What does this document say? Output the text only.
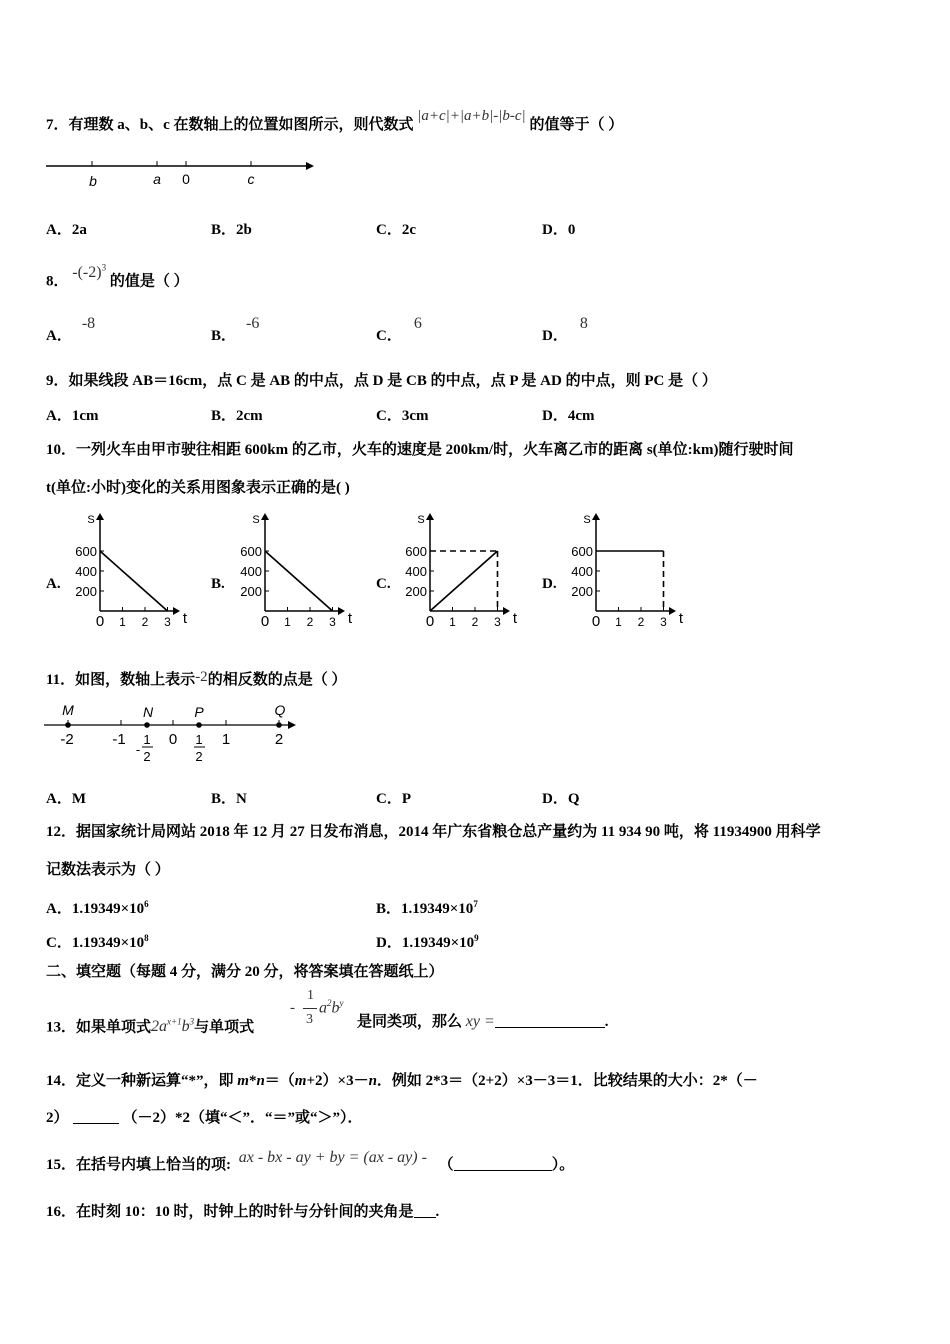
7．有理数 a、b、c 在数轴上的位置如图所示，则代数式 |a+c|+|a+b|-|b-c| 的值等于（ ）
b	a 0	c
A．2a	B．2b	C．2c	D．0
8． $-(-2)^3$ 的值是（ ）
A．-8
B．-6
C．6
D．8
9．如果线段 AB＝16cm，点 C 是 AB 的中点，点 D 是 CB 的中点，点 P 是 AD 的中点，则 PC 是（ ）
A．1cm	B．2cm	C．3cm	D．4cm
10．一列火车由甲市驶往相距 600km 的乙市，火车的速度是 200km/时，火车离乙市的距离 s(单位:km)随行驶时间
t(单位:小时)变化的关系用图象表示正确的是( )
A.	B.	C.	D.
S
t
200
400
600
0 1 2 3
S
t
200
400
600
0 1 2 3
S
t
200
400
600
0 1 2 3
S
t
200
400
600
0 1 2 3
11．如图，数轴上表示-2的相反数的点是（ ）
M	N	P	Q
-2	-1	0	1	2
-
1
2
1
2
A．M	B．N	C．P	D．Q
12．据国家统计局网站 2018 年 12 月 27 日发布消息，2014 年广东省粮仓总产量约为 11 934 90 吨，将 11934900 用科学
记数法表示为（ ）
A．$1.19349\times 10^6$	B．$1.19349\times 10^7$
C．$1.19349\times 10^8$	D．$1.19349\times 10^9$
二、填空题（每题 4 分，满分 20 分，将答案填在答题纸上）
13．如果单项式$2a^{x+1}b^3$与单项式
-
1
3
$a^2b^y$
是同类项，那么 xy =	.
14．定义一种新运算“*”，即 m*n＝（m+2）×3－n．例如 2*3＝（2+2）×3－3＝1．比较结果的大小：2*（－
2）	（－2）*2（填“＜”．“＝”或“＞”）．
15．在括号内填上恰当的项: ax - bx - ay + by = (ax - ay) - （	）。
16．在时刻 10：10 时，时钟上的时针与分针间的夹角是 .
